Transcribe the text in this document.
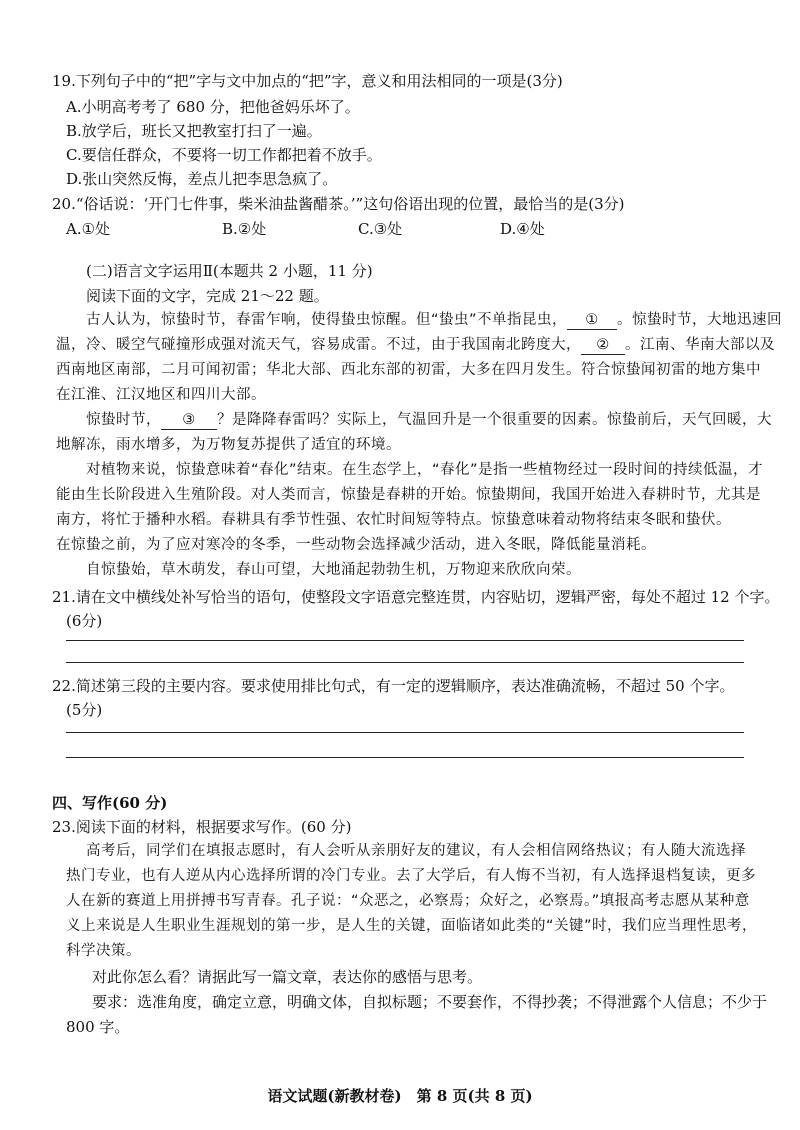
19.下列句子中的“把”字与文中加点的“把”字，意义和用法相同的一项是(3分)
A.小明高考考了 680 分，把他爸妈乐坏了。
B.放学后，班长又把教室打扫了一遍。
C.要信任群众，不要将一切工作都把着不放手。
D.张山突然反悔，差点儿把李思急疯了。
20.“俗话说：‘开门七件事，柴米油盐酱醋茶。’”这句俗语出现的位置，最恰当的是(3分)
A.①处	B.②处	C.③处	D.④处
(二)语言文字运用Ⅱ(本题共 2 小题，11 分)
阅读下面的文字，完成 21～22 题。
古人认为，惊蛰时节，春雷乍响，使得蛰虫惊醒。但“蛰虫”不单指昆虫， ① 。惊蛰时节，大地迅速回
温，冷、暖空气碰撞形成强对流天气，容易成雷。不过，由于我国南北跨度大， ② 。江南、华南大部以及
西南地区南部，二月可闻初雷；华北大部、西北东部的初雷，大多在四月发生。符合惊蛰闻初雷的地方集中
在江淮、江汉地区和四川大部。
惊蛰时节， ③ ？是降降春雷吗？实际上，气温回升是一个很重要的因素。惊蛰前后，天气回暖，大
地解冻，雨水增多，为万物复苏提供了适宜的环境。
对植物来说，惊蛰意味着“春化”结束。在生态学上，“春化”是指一些植物经过一段时间的持续低温，才
能由生长阶段进入生殖阶段。对人类而言，惊蛰是春耕的开始。惊蛰期间，我国开始进入春耕时节，尤其是
南方，将忙于播种水稻。春耕具有季节性强、农忙时间短等特点。惊蛰意味着动物将结束冬眠和蛰伏。
在惊蛰之前，为了应对寒冷的冬季，一些动物会选择减少活动，进入冬眠，降低能量消耗。
自惊蛰始，草木萌发，春山可望，大地涌起勃勃生机，万物迎来欣欣向荣。
21.请在文中横线处补写恰当的语句，使整段文字语意完整连贯，内容贴切，逻辑严密，每处不超过 12 个字。
(6分)
22.简述第三段的主要内容。要求使用排比句式，有一定的逻辑顺序，表达准确流畅，不超过 50 个字。
(5分)
四、写作(60 分)
23.阅读下面的材料，根据要求写作。(60 分)
高考后，同学们在填报志愿时，有人会听从亲朋好友的建议，有人会相信网络热议；有人随大流选择
热门专业，也有人逆从内心选择所谓的冷门专业。去了大学后，有人悔不当初，有人选择退档复读，更多
人在新的赛道上用拼搏书写青春。孔子说：“众恶之，必察焉；众好之，必察焉。”填报高考志愿从某种意
义上来说是人生职业生涯规划的第一步，是人生的关键，面临诸如此类的“关键”时，我们应当理性思考，
科学决策。
对此你怎么看？请据此写一篇文章，表达你的感悟与思考。
要求：选准角度，确定立意，明确文体，自拟标题；不要套作，不得抄袭；不得泄露个人信息；不少于
800 字。
语文试题(新教材卷)　第 8 页(共 8 页)
